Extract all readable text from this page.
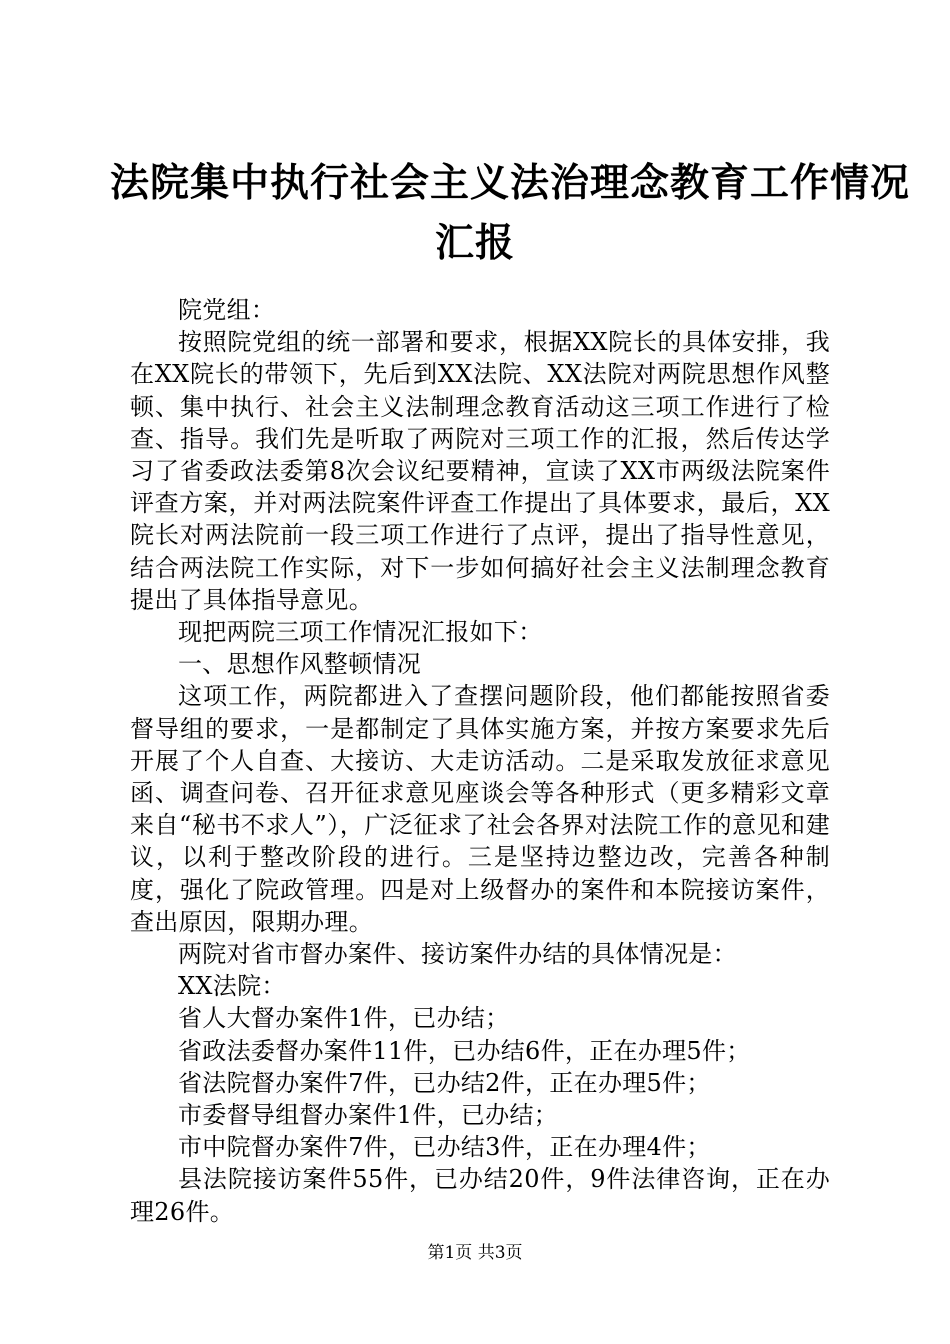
法院集中执行社会主义法治理念教育工作情况
汇报

院党组：

按照院党组的统一部署和要求，根据XX院长的具体安排，我在XX院长的带领下，先后到XX法院、XX法院对两院思想作风整顿、集中执行、社会主义法制理念教育活动这三项工作进行了检查、指导。我们先是听取了两院对三项工作的汇报，然后传达学习了省委政法委第8次会议纪要精神，宣读了XX市两级法院案件评查方案，并对两法院案件评查工作提出了具体要求，最后，XX院长对两法院前一段三项工作进行了点评，提出了指导性意见，结合两法院工作实际，对下一步如何搞好社会主义法制理念教育提出了具体指导意见。

现把两院三项工作情况汇报如下：

一、思想作风整顿情况

这项工作，两院都进入了查摆问题阶段，他们都能按照省委督导组的要求，一是都制定了具体实施方案，并按方案要求先后开展了个人自查、大接访、大走访活动。二是采取发放征求意见函、调查问卷、召开征求意见座谈会等各种形式（更多精彩文章来自“秘书不求人”），广泛征求了社会各界对法院工作的意见和建议，以利于整改阶段的进行。三是坚持边整边改，完善各种制度，强化了院政管理。四是对上级督办的案件和本院接访案件，查出原因，限期办理。

两院对省市督办案件、接访案件办结的具体情况是：

XX法院：

省人大督办案件1件，已办结；

省政法委督办案件11件，已办结6件，正在办理5件；

省法院督办案件7件，已办结2件，正在办理5件；

市委督导组督办案件1件，已办结；

市中院督办案件7件，已办结3件，正在办理4件；

县法院接访案件55件，已办结20件，9件法律咨询，正在办理26件。

第1页 共3页
